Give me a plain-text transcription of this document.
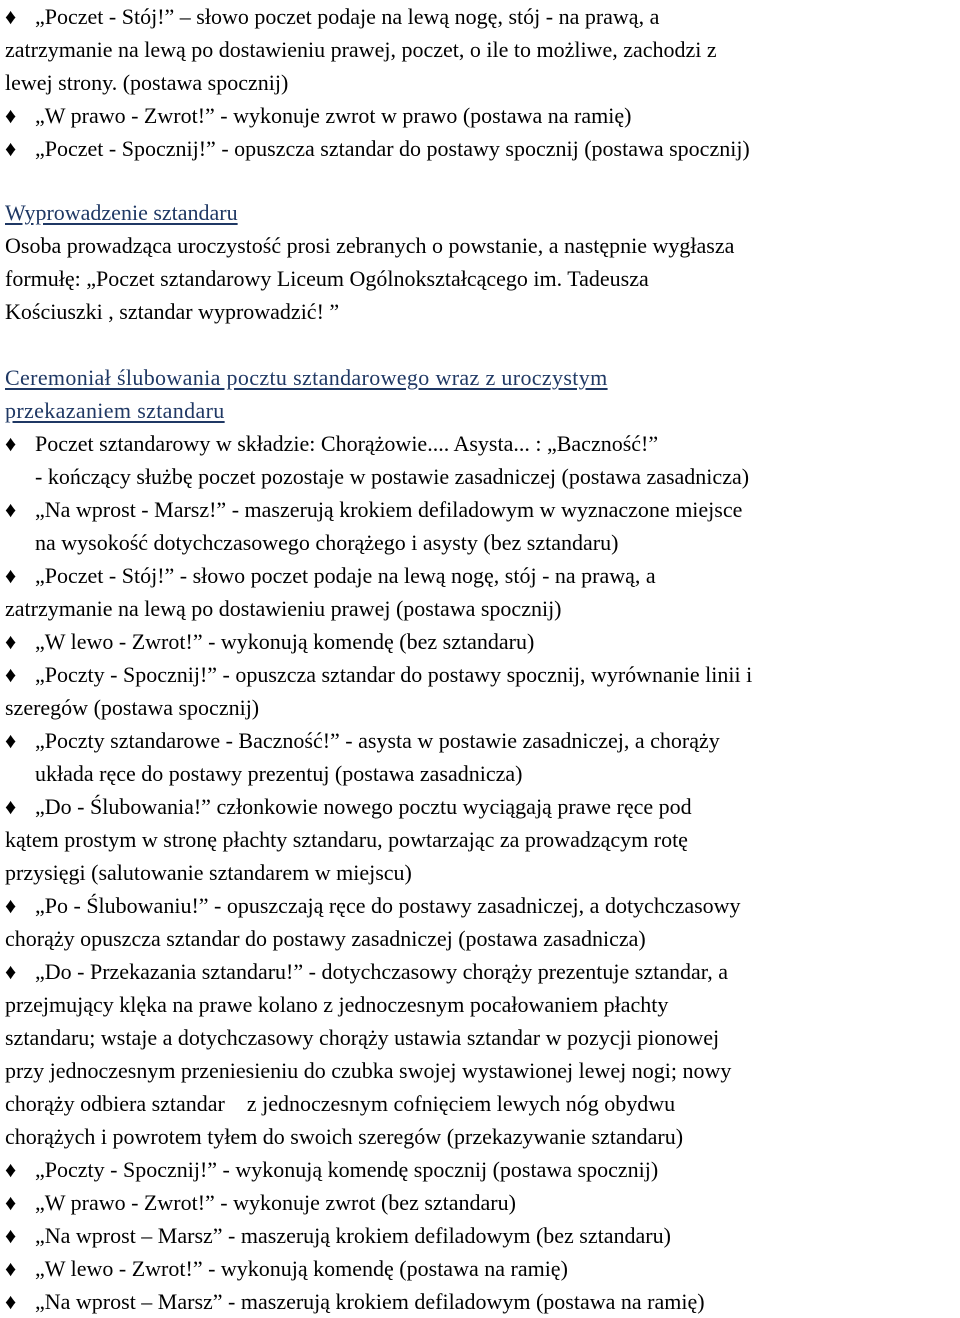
♦ „Poczet - Stój!” – słowo poczet podaje na lewą nogę, stój - na prawą, a
zatrzymanie na lewą po dostawieniu prawej, poczet, o ile to możliwe, zachodzi z
lewej strony. (postawa spocznij)
♦ „W prawo - Zwrot!” - wykonuje zwrot w prawo (postawa na ramię)
♦ „Poczet - Spocznij!” - opuszcza sztandar do postawy spocznij (postawa spocznij)
Wyprowadzenie sztandaru
Osoba prowadząca uroczystość prosi zebranych o powstanie, a następnie wygłasza
formułę: „Poczet sztandarowy Liceum Ogólnokształcącego im. Tadeusza
Kościuszki , sztandar wyprowadzić! ”
Ceremoniał ślubowania pocztu sztandarowego wraz z uroczystym
przekazaniem sztandaru
♦ Poczet sztandarowy w składzie: Chorążowie.... Asysta... : „Baczność!”
- kończący służbę poczet pozostaje w postawie zasadniczej (postawa zasadnicza)
♦ „Na wprost - Marsz!” - maszerują krokiem defiladowym w wyznaczone miejsce
na wysokość dotychczasowego chorążego i asysty (bez sztandaru)
♦ „Poczet - Stój!” - słowo poczet podaje na lewą nogę, stój - na prawą, a
zatrzymanie na lewą po dostawieniu prawej (postawa spocznij)
♦ „W lewo - Zwrot!” - wykonują komendę (bez sztandaru)
♦ „Poczty - Spocznij!” - opuszcza sztandar do postawy spocznij, wyrównanie linii i
szeregów (postawa spocznij)
♦ „Poczty sztandarowe - Baczność!” - asysta w postawie zasadniczej, a chorąży
układa ręce do postawy prezentuj (postawa zasadnicza)
♦ „Do - Ślubowania!” członkowie nowego pocztu wyciągają prawe ręce pod
kątem prostym w stronę płachty sztandaru, powtarzając za prowadzącym rotę
przysięgi (salutowanie sztandarem w miejscu)
♦ „Po - Ślubowaniu!” - opuszczają ręce do postawy zasadniczej, a dotychczasowy
chorąży opuszcza sztandar do postawy zasadniczej (postawa zasadnicza)
♦ „Do - Przekazania sztandaru!” - dotychczasowy chorąży prezentuje sztandar, a
przejmujący klęka na prawe kolano z jednoczesnym pocałowaniem płachty
sztandaru; wstaje a dotychczasowy chorąży ustawia sztandar w pozycji pionowej
przy jednoczesnym przeniesieniu do czubka swojej wystawionej lewej nogi; nowy
chorąży odbiera sztandar    z jednoczesnym cofnięciem lewych nóg obydwu
chorążych i powrotem tyłem do swoich szeregów (przekazywanie sztandaru)
♦ „Poczty - Spocznij!” - wykonują komendę spocznij (postawa spocznij)
♦ „W prawo - Zwrot!” - wykonuje zwrot (bez sztandaru)
♦ „Na wprost – Marsz” - maszerują krokiem defiladowym (bez sztandaru)
♦ „W lewo - Zwrot!” - wykonują komendę (postawa na ramię)
♦ „Na wprost – Marsz” - maszerują krokiem defiladowym (postawa na ramię)
